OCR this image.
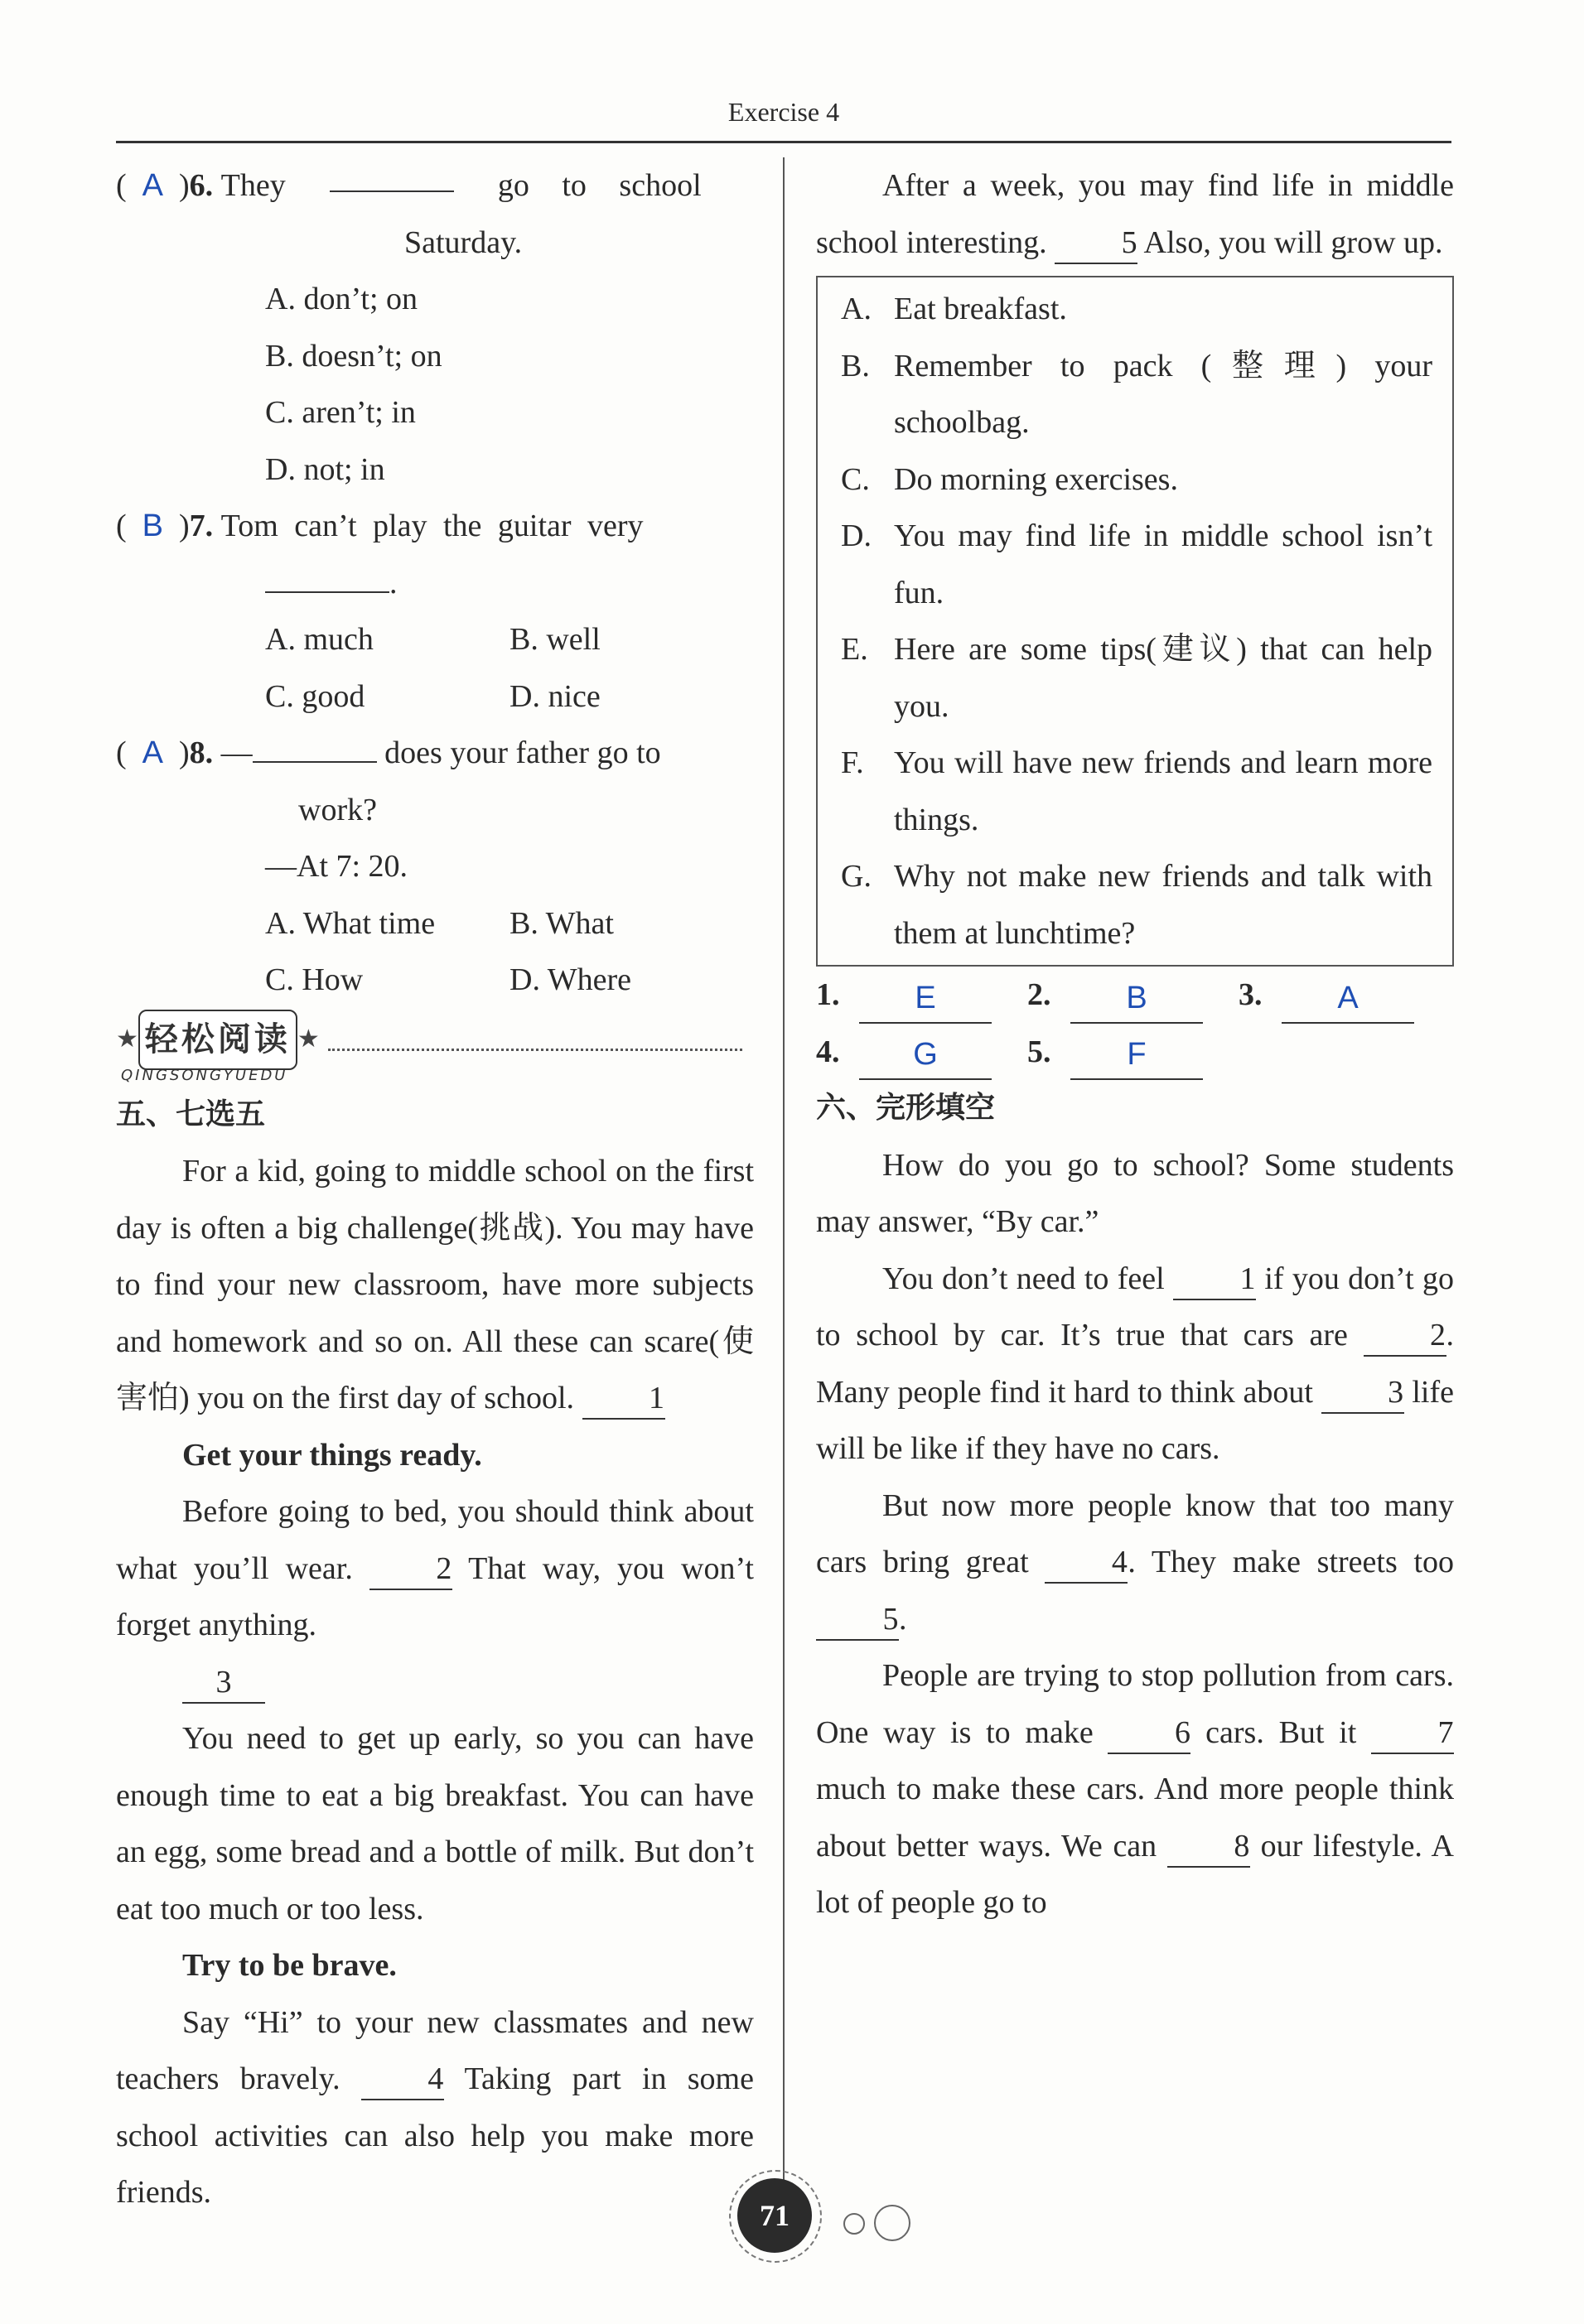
Exercise 4
(  A  )6. They	go to school
Saturday.
A. don’t; on
B. doesn’t; on
C. aren’t; in
D. not; in
(  B  )7. Tom can’t play the guitar very
.
A. much	B. well
C. good	D. nice
(  A  )8. —	does your father go to
work?
—At 7: 20.
A. What time	B. What
C. How	D. Where
★ 轻松阅读 ★
QINGSONGYUEDU
五、七选五
For a kid, going to middle school on the first day is often a big challenge(挑战). You may have to find your new classroom, have more subjects and homework and so on. All these can scare(使害怕) you on the first day of school. 1
Get your things ready.
Before going to bed, you should think about what you’ll wear.	2 That way, you won’t forget anything.
3
You need to get up early, so you can have enough time to eat a big breakfast. You can have an egg, some bread and a bottle of milk. But don’t eat too much or too less.
Try to be brave.
Say “Hi” to your new classmates and new teachers bravely.	4 Taking part in some school activities can also help you make more friends.
After a week, you may find life in middle school interesting. 5 Also, you will grow up.
A. Eat breakfast.
B. Remember to pack (整理) your schoolbag.
C. Do morning exercises.
D. You may find life in middle school isn’t fun.
E. Here are some tips(建议) that can help you.
F. You will have new friends and learn more things.
G. Why not make new friends and talk with them at lunchtime?
1.	E	2.	B	3.	A
4.	G	5.	F
六、完形填空
How do you go to school? Some students may answer, “By car.”
You don’t need to feel 1 if you don’t go to school by car. It’s true that cars are	2. Many people find it hard to think about 3 life will be like if they have no cars.
But now more people know that too many cars bring great	4. They make streets too 5.
People are trying to stop pollution from cars. One way is to make	6 cars. But it	7 much to make these cars. And more people think about better ways. We can 8 our lifestyle. A lot of people go to
71
